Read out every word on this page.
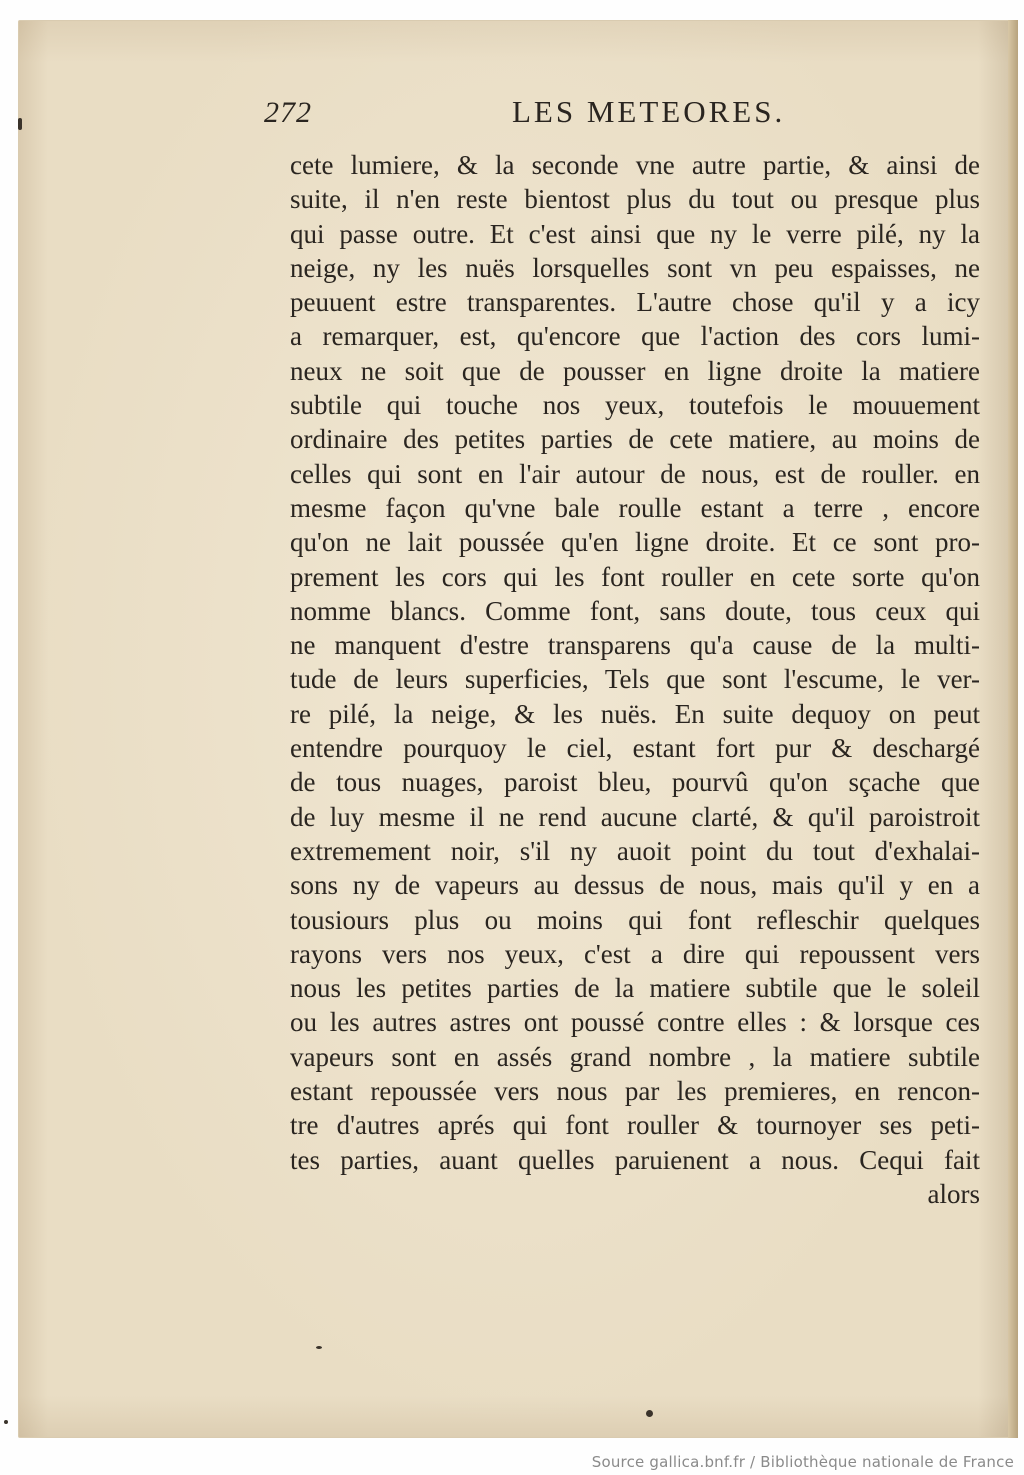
272	LES METEORES.
cete lumiere, & la seconde vne autre partie, & ainsi de
suite, il n'en reste bientost plus du tout ou presque plus
qui passe outre. Et c'est ainsi que ny le verre pilé, ny la
neige, ny les nuës lorsquelles sont vn peu espaisses, ne
peuuent estre transparentes. L'autre chose qu'il y a icy
a remarquer, est, qu'encore que l'action des cors lumi-
neux ne soit que de pousser en ligne droite la matiere
subtile qui touche nos yeux, toutefois le mouuement
ordinaire des petites parties de cete matiere, au moins de
celles qui sont en l'air autour de nous, est de rouller. en
mesme façon qu'vne bale roulle estant a terre , encore
qu'on ne lait poussée qu'en ligne droite. Et ce sont pro-
prement les cors qui les font rouller en cete sorte qu'on
nomme blancs. Comme font, sans doute, tous ceux qui
ne manquent d'estre transparens qu'a cause de la multi-
tude de leurs superficies, Tels que sont l'escume, le ver-
re pilé, la neige, & les nuës. En suite dequoy on peut
entendre pourquoy le ciel, estant fort pur & deschargé
de tous nuages, paroist bleu, pourvû qu'on sçache que
de luy mesme il ne rend aucune clarté, & qu'il paroistroit
extremement noir, s'il ny auoit point du tout d'exhalai-
sons ny de vapeurs au dessus de nous, mais qu'il y en a
tousiours plus ou moins qui font refleschir quelques
rayons vers nos yeux, c'est a dire qui repoussent vers
nous les petites parties de la matiere subtile que le soleil
ou les autres astres ont poussé contre elles : & lorsque ces
vapeurs sont en assés grand nombre , la matiere subtile
estant repoussée vers nous par les premieres, en rencon-
tre d'autres aprés qui font rouller & tournoyer ses peti-
tes parties, auant quelles paruienent a nous. Cequi fait
alors
Source gallica.bnf.fr / Bibliothèque nationale de France
